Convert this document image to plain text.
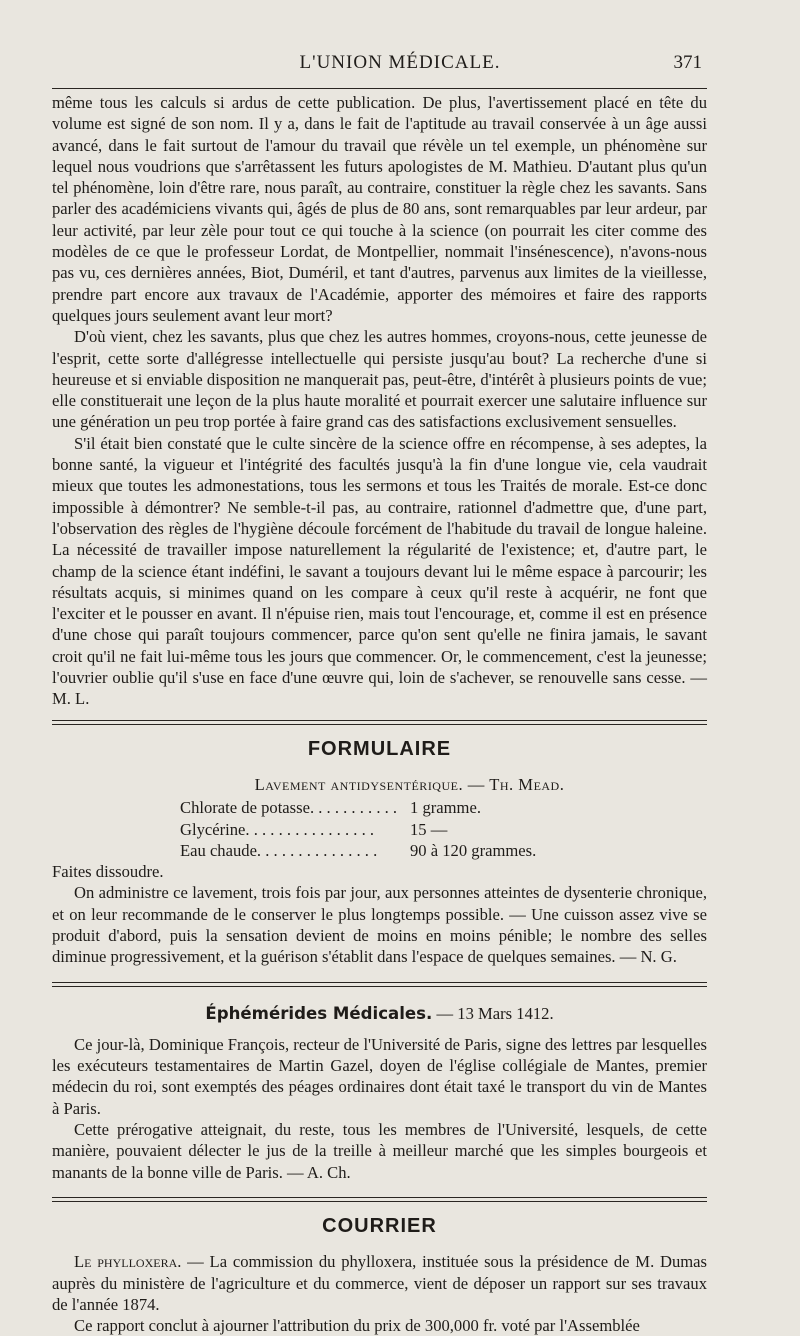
L'UNION MÉDICALE.	371

même tous les calculs si ardus de cette publication. De plus, l'avertissement placé en tête du volume est signé de son nom. Il y a, dans le fait de l'aptitude au travail conservée à un âge aussi avancé, dans le fait surtout de l'amour du travail que révèle un tel exemple, un phénomène sur lequel nous voudrions que s'arrêtassent les futurs apologistes de M. Mathieu. D'autant plus qu'un tel phénomène, loin d'être rare, nous paraît, au contraire, constituer la règle chez les savants. Sans parler des académiciens vivants qui, âgés de plus de 80 ans, sont remarquables par leur ardeur, par leur activité, par leur zèle pour tout ce qui touche à la science (on pourrait les citer comme des modèles de ce que le professeur Lordat, de Montpellier, nommait l'insénescence), n'avons-nous pas vu, ces dernières années, Biot, Duméril, et tant d'autres, parvenus aux limites de la vieillesse, prendre part encore aux travaux de l'Académie, apporter des mémoires et faire des rapports quelques jours seulement avant leur mort?

D'où vient, chez les savants, plus que chez les autres hommes, croyons-nous, cette jeunesse de l'esprit, cette sorte d'allégresse intellectuelle qui persiste jusqu'au bout? La recherche d'une si heureuse et si enviable disposition ne manquerait pas, peut-être, d'intérêt à plusieurs points de vue; elle constituerait une leçon de la plus haute moralité et pourrait exercer une salutaire influence sur une génération un peu trop portée à faire grand cas des satisfactions exclusivement sensuelles.

S'il était bien constaté que le culte sincère de la science offre en récompense, à ses adeptes, la bonne santé, la vigueur et l'intégrité des facultés jusqu'à la fin d'une longue vie, cela vaudrait mieux que toutes les admonestations, tous les sermons et tous les Traités de morale. Est-ce donc impossible à démontrer? Ne semble-t-il pas, au contraire, rationnel d'admettre que, d'une part, l'observation des règles de l'hygiène découle forcément de l'habitude du travail de longue haleine. La nécessité de travailler impose naturellement la régularité de l'existence; et, d'autre part, le champ de la science étant indéfini, le savant a toujours devant lui le même espace à parcourir; les résultats acquis, si minimes quand on les compare à ceux qu'il reste à acquérir, ne font que l'exciter et le pousser en avant. Il n'épuise rien, mais tout l'encourage, et, comme il est en présence d'une chose qui paraît toujours commencer, parce qu'on sent qu'elle ne finira jamais, le savant croit qu'il ne fait lui-même tous les jours que commencer. Or, le commencement, c'est la jeunesse; l'ouvrier oublie qu'il s'use en face d'une œuvre qui, loin de s'achever, se renouvelle sans cesse. — M. L.

FORMULAIRE
Lavement antidysentérique. — Th. Mead.
Chlorate de potasse. . . . . . . . . . . 1 gramme.
Glycérine. . . . . . . . . . . . . . . .	15 —
Eau chaude. . . . . . . . . . . . . . .	90 à 120 grammes.

Faites dissoudre.

On administre ce lavement, trois fois par jour, aux personnes atteintes de dysenterie chronique, et on leur recommande de le conserver le plus longtemps possible. — Une cuisson assez vive se produit d'abord, puis la sensation devient de moins en moins pénible; le nombre des selles diminue progressivement, et la guérison s'établit dans l'espace de quelques semaines. — N. G.

Éphémérides Médicales. — 13 Mars 1412.

Ce jour-là, Dominique François, recteur de l'Université de Paris, signe des lettres par lesquelles les exécuteurs testamentaires de Martin Gazel, doyen de l'église collégiale de Mantes, premier médecin du roi, sont exemptés des péages ordinaires dont était taxé le transport du vin de Mantes à Paris.

Cette prérogative atteignait, du reste, tous les membres de l'Université, lesquels, de cette manière, pouvaient délecter le jus de la treille à meilleur marché que les simples bourgeois et manants de la bonne ville de Paris. — A. Ch.

COURRIER

Le phylloxera. — La commission du phylloxera, instituée sous la présidence de M. Dumas auprès du ministère de l'agriculture et du commerce, vient de déposer un rapport sur ses travaux de l'année 1874.

Ce rapport conclut à ajourner l'attribution du prix de 300,000 fr. voté par l'Assemblée
